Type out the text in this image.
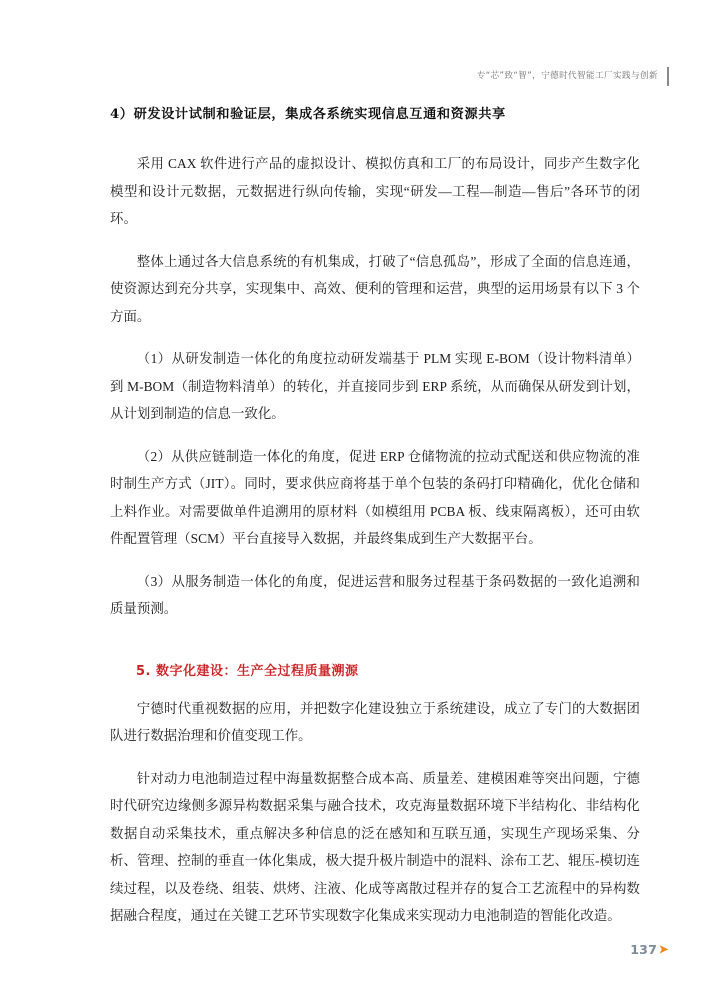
专“芯”致“智”，宁德时代智能工厂实践与创新
4）研发设计试制和验证层，集成各系统实现信息互通和资源共享

采用 CAX 软件进行产品的虚拟设计、模拟仿真和工厂的布局设计，同步产生数字化模型和设计元数据，元数据进行纵向传输，实现“研发—工程—制造—售后”各环节的闭环。

整体上通过各大信息系统的有机集成，打破了“信息孤岛”，形成了全面的信息连通，使资源达到充分共享，实现集中、高效、便利的管理和运营，典型的运用场景有以下 3 个方面。

（1）从研发制造一体化的角度拉动研发端基于 PLM 实现 E-BOM（设计物料清单）到 M-BOM（制造物料清单）的转化，并直接同步到 ERP 系统，从而确保从研发到计划，从计划到制造的信息一致化。

（2）从供应链制造一体化的角度，促进 ERP 仓储物流的拉动式配送和供应物流的准时制生产方式（JIT）。同时，要求供应商将基于单个包装的条码打印精确化，优化仓储和上料作业。对需要做单件追溯用的原材料（如模组用 PCBA 板、线束隔离板），还可由软件配置管理（SCM）平台直接导入数据，并最终集成到生产大数据平台。

（3）从服务制造一体化的角度，促进运营和服务过程基于条码数据的一致化追溯和质量预测。

5. 数字化建设：生产全过程质量溯源

宁德时代重视数据的应用，并把数字化建设独立于系统建设，成立了专门的大数据团队进行数据治理和价值变现工作。

针对动力电池制造过程中海量数据整合成本高、质量差、建模困难等突出问题，宁德时代研究边缘侧多源异构数据采集与融合技术，攻克海量数据环境下半结构化、非结构化数据自动采集技术，重点解决多种信息的泛在感知和互联互通，实现生产现场采集、分析、管理、控制的垂直一体化集成，极大提升极片制造中的混料、涂布工艺、辊压-模切连续过程，以及卷绕、组装、烘烤、注液、化成等离散过程并存的复合工艺流程中的异构数据融合程度，通过在关键工艺环节实现数字化集成来实现动力电池制造的智能化改造。

137 ➤
